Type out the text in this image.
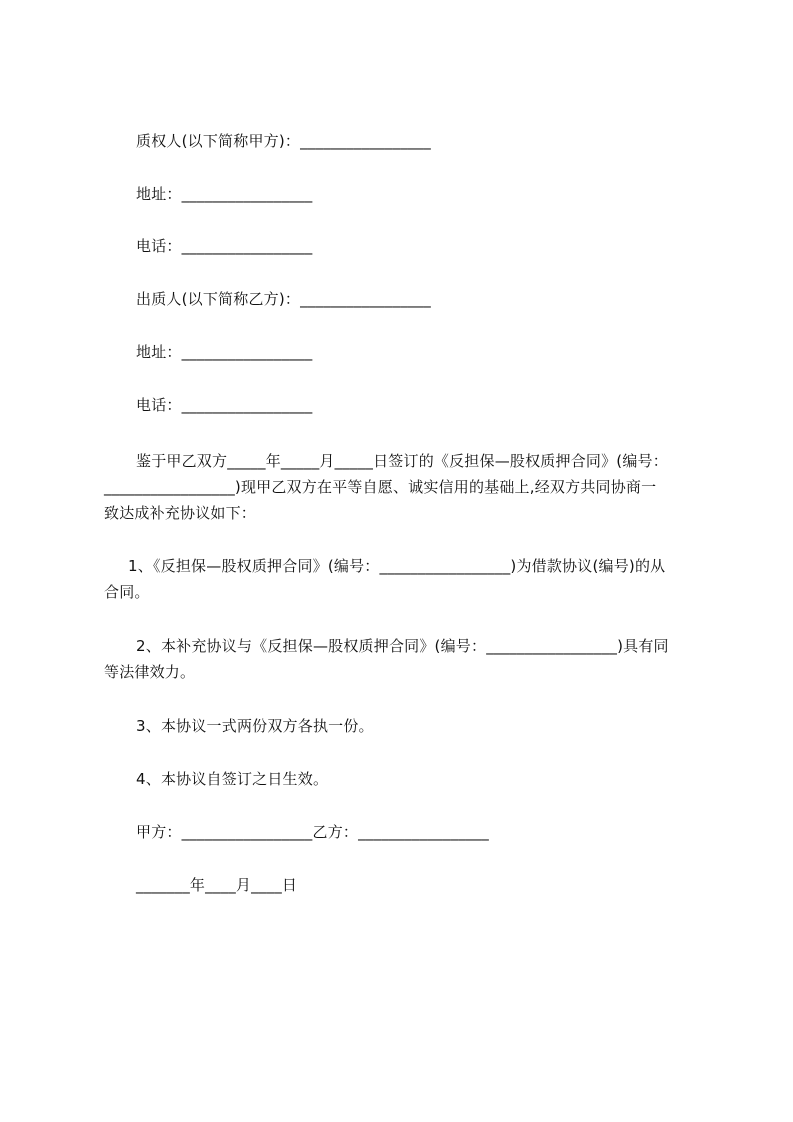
质权人(以下简称甲方)：_________________
地址：_________________
电话：_________________
出质人(以下简称乙方)：_________________
地址：_________________
电话：_________________
鉴于甲乙双方_____年_____月_____日签订的《反担保—股权质押合同》(编号：
_________________)现甲乙双方在平等自愿、诚实信用的基础上,经双方共同协商一
致达成补充协议如下：
1、《反担保—股权质押合同》(编号：_________________)为借款协议(编号)的从
合同。
2、本补充协议与《反担保—股权质押合同》(编号：_________________)具有同
等法律效力。
3、本协议一式两份双方各执一份。
4、本协议自签订之日生效。
甲方：_________________乙方：_________________
_______年____月____日
